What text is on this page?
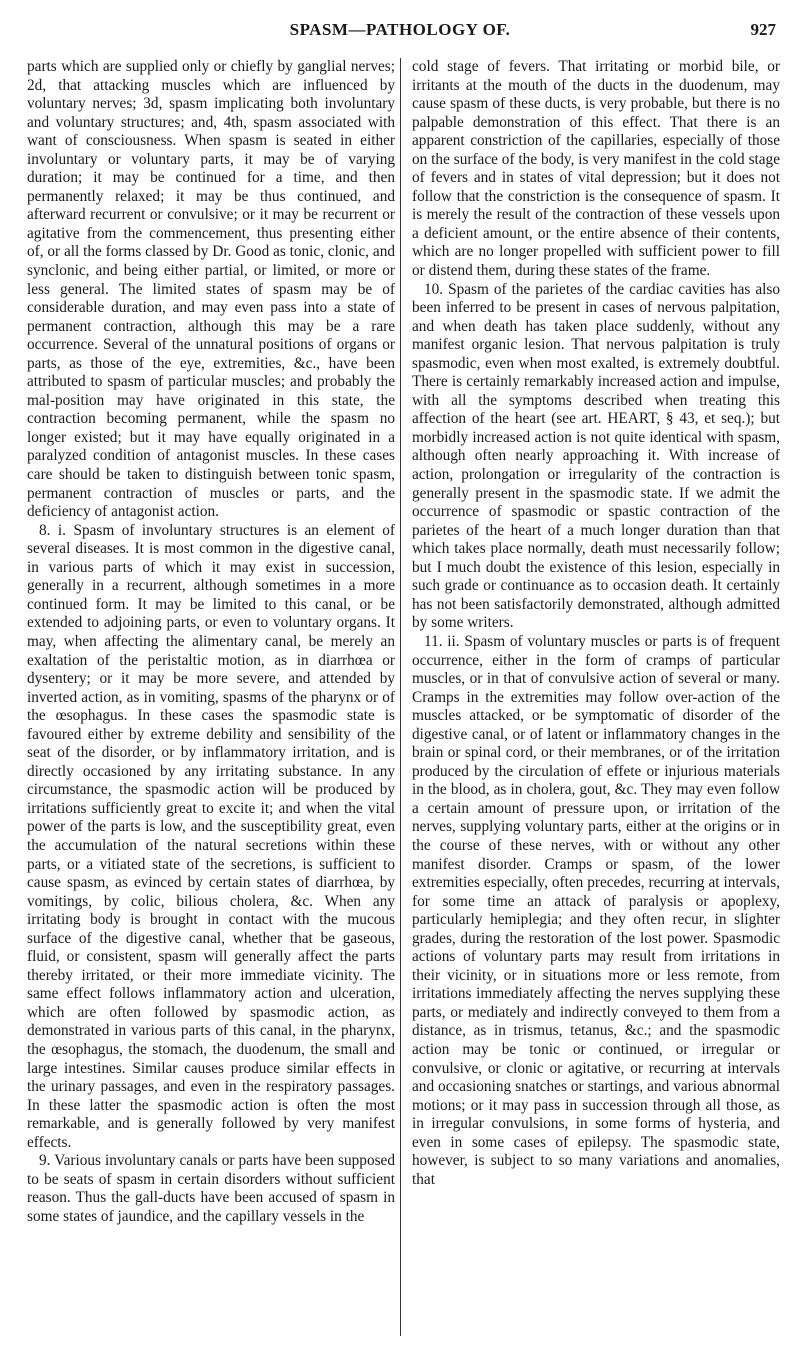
SPASM—PATHOLOGY OF.	927

parts which are supplied only or chiefly by ganglial nerves; 2d, that attacking muscles which are influenced by voluntary nerves; 3d, spasm implicating both involuntary and voluntary structures; and, 4th, spasm associated with want of consciousness. When spasm is seated in either involuntary or voluntary parts, it may be of varying duration; it may be continued for a time, and then permanently relaxed; it may be thus continued, and afterward recurrent or convulsive; or it may be recurrent or agitative from the commencement, thus presenting either of, or all the forms classed by Dr. Good as tonic, clonic, and synclonic, and being either partial, or limited, or more or less general. The limited states of spasm may be of considerable duration, and may even pass into a state of permanent contraction, although this may be a rare occurrence. Several of the unnatural positions of organs or parts, as those of the eye, extremities, &c., have been attributed to spasm of particular muscles; and probably the mal-position may have originated in this state, the contraction becoming permanent, while the spasm no longer existed; but it may have equally originated in a paralyzed condition of antagonist muscles. In these cases care should be taken to distinguish between tonic spasm, permanent contraction of muscles or parts, and the deficiency of antagonist action.

8. i. Spasm of involuntary structures is an element of several diseases. It is most common in the digestive canal, in various parts of which it may exist in succession, generally in a recurrent, although sometimes in a more continued form. It may be limited to this canal, or be extended to adjoining parts, or even to voluntary organs. It may, when affecting the alimentary canal, be merely an exaltation of the peristaltic motion, as in diarrhœa or dysentery; or it may be more severe, and attended by inverted action, as in vomiting, spasms of the pharynx or of the œsophagus. In these cases the spasmodic state is favoured either by extreme debility and sensibility of the seat of the disorder, or by inflammatory irritation, and is directly occasioned by any irritating substance. In any circumstance, the spasmodic action will be produced by irritations sufficiently great to excite it; and when the vital power of the parts is low, and the susceptibility great, even the accumulation of the natural secretions within these parts, or a vitiated state of the secretions, is sufficient to cause spasm, as evinced by certain states of diarrhœa, by vomitings, by colic, bilious cholera, &c. When any irritating body is brought in contact with the mucous surface of the digestive canal, whether that be gaseous, fluid, or consistent, spasm will generally affect the parts thereby irritated, or their more immediate vicinity. The same effect follows inflammatory action and ulceration, which are often followed by spasmodic action, as demonstrated in various parts of this canal, in the pharynx, the œsophagus, the stomach, the duodenum, the small and large intestines. Similar causes produce similar effects in the urinary passages, and even in the respiratory passages. In these latter the spasmodic action is often the most remarkable, and is generally followed by very manifest effects.

9. Various involuntary canals or parts have been supposed to be seats of spasm in certain disorders without sufficient reason. Thus the gall-ducts have been accused of spasm in some states of jaundice, and the capillary vessels in the

cold stage of fevers. That irritating or morbid bile, or irritants at the mouth of the ducts in the duodenum, may cause spasm of these ducts, is very probable, but there is no palpable demonstration of this effect. That there is an apparent constriction of the capillaries, especially of those on the surface of the body, is very manifest in the cold stage of fevers and in states of vital depression; but it does not follow that the constriction is the consequence of spasm. It is merely the result of the contraction of these vessels upon a deficient amount, or the entire absence of their contents, which are no longer propelled with sufficient power to fill or distend them, during these states of the frame.

10. Spasm of the parietes of the cardiac cavities has also been inferred to be present in cases of nervous palpitation, and when death has taken place suddenly, without any manifest organic lesion. That nervous palpitation is truly spasmodic, even when most exalted, is extremely doubtful. There is certainly remarkably increased action and impulse, with all the symptoms described when treating this affection of the heart (see art. HEART, § 43, et seq.); but morbidly increased action is not quite identical with spasm, although often nearly approaching it. With increase of action, prolongation or irregularity of the contraction is generally present in the spasmodic state. If we admit the occurrence of spasmodic or spastic contraction of the parietes of the heart of a much longer duration than that which takes place normally, death must necessarily follow; but I much doubt the existence of this lesion, especially in such grade or continuance as to occasion death. It certainly has not been satisfactorily demonstrated, although admitted by some writers.

11. ii. Spasm of voluntary muscles or parts is of frequent occurrence, either in the form of cramps of particular muscles, or in that of convulsive action of several or many. Cramps in the extremities may follow over-action of the muscles attacked, or be symptomatic of disorder of the digestive canal, or of latent or inflammatory changes in the brain or spinal cord, or their membranes, or of the irritation produced by the circulation of effete or injurious materials in the blood, as in cholera, gout, &c. They may even follow a certain amount of pressure upon, or irritation of the nerves, supplying voluntary parts, either at the origins or in the course of these nerves, with or without any other manifest disorder. Cramps or spasm, of the lower extremities especially, often precedes, recurring at intervals, for some time an attack of paralysis or apoplexy, particularly hemiplegia; and they often recur, in slighter grades, during the restoration of the lost power. Spasmodic actions of voluntary parts may result from irritations in their vicinity, or in situations more or less remote, from irritations immediately affecting the nerves supplying these parts, or mediately and indirectly conveyed to them from a distance, as in trismus, tetanus, &c.; and the spasmodic action may be tonic or continued, or irregular or convulsive, or clonic or agitative, or recurring at intervals and occasioning snatches or startings, and various abnormal motions; or it may pass in succession through all those, as in irregular convulsions, in some forms of hysteria, and even in some cases of epilepsy. The spasmodic state, however, is subject to so many variations and anomalies, that
